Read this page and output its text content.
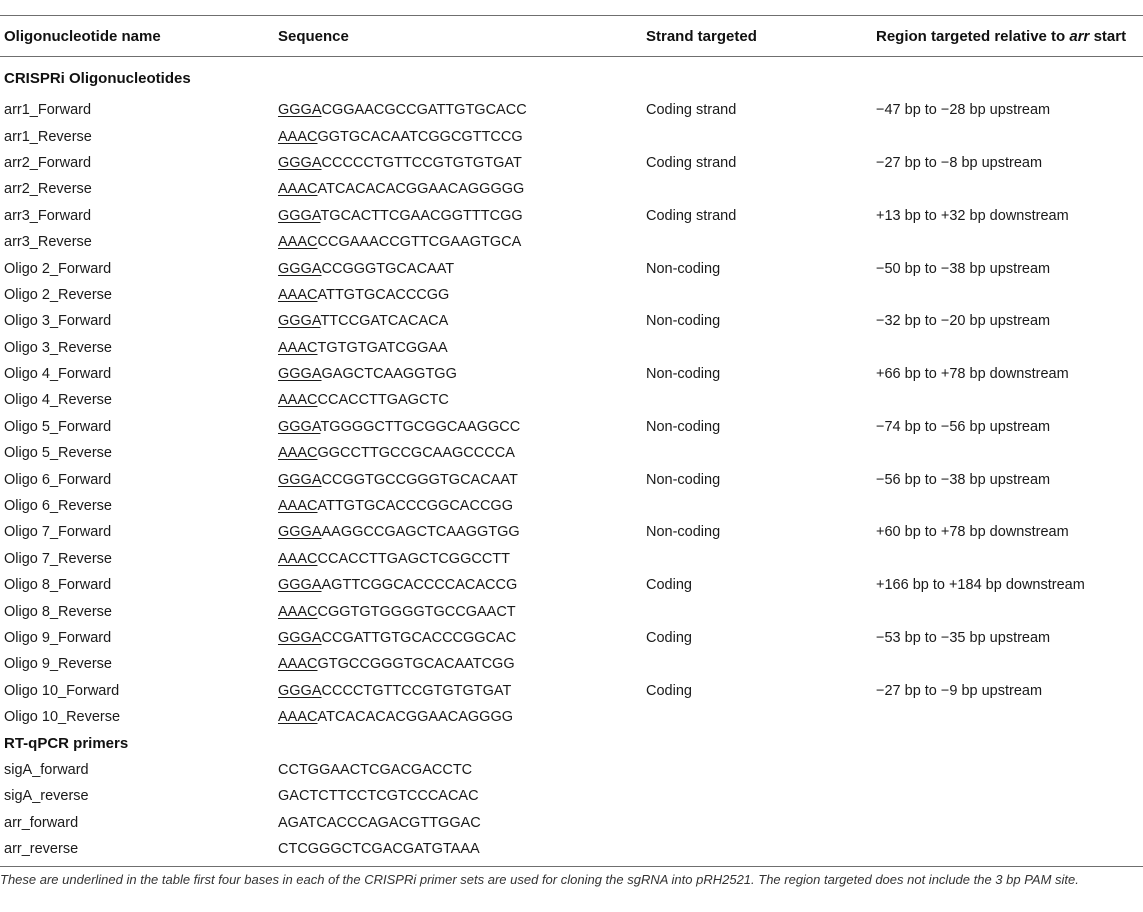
Oligonucleotide name	Sequence	Strand targeted	Region targeted relative to arr start
CRISPRi Oligonucleotides			
arr1_Forward	GGGACGGAACGCCGATTGTGCACC	Coding strand	−47 bp to −28 bp upstream
arr1_Reverse	AAACGGTGCACAATCGGCGTTCCG		
arr2_Forward	GGGACCCCCTGTTCCGTGTGTGAT	Coding strand	−27 bp to −8 bp upstream
arr2_Reverse	AAACATCACACACGGAACAGGGGG		
arr3_Forward	GGGATGCACTTCGAACGGTTTCGG	Coding strand	+13 bp to +32 bp downstream
arr3_Reverse	AAACCCGAAACCGTTCGAAGTGCA		
Oligo 2_Forward	GGGACCGGGTGCACAAT	Non-coding	−50 bp to −38 bp upstream
Oligo 2_Reverse	AAACATTGTGCACCCGG		
Oligo 3_Forward	GGGATTCCGATCACACA	Non-coding	−32 bp to −20 bp upstream
Oligo 3_Reverse	AAACTGTGTGATCGGAA		
Oligo 4_Forward	GGGAGAGCTCAAGGTGG	Non-coding	+66 bp to +78 bp downstream
Oligo 4_Reverse	AAACCCACCTTGAGCTC		
Oligo 5_Forward	GGGATGGGGCTTGCGGCAAGGCC	Non-coding	−74 bp to −56 bp upstream
Oligo 5_Reverse	AAACGGCCTTGCCGCAAGCCCCA		
Oligo 6_Forward	GGGACCGGTGCCGGGTGCACAAT	Non-coding	−56 bp to −38 bp upstream
Oligo 6_Reverse	AAACATTGTGCACCCGGCACCGG		
Oligo 7_Forward	GGGAAAGGCCGAGCTCAAGGTGG	Non-coding	+60 bp to +78 bp downstream
Oligo 7_Reverse	AAACCCACCTTGAGCTCGGCCTT		
Oligo 8_Forward	GGGAAGTTCGGCACCCCACACCG	Coding	+166 bp to +184 bp downstream
Oligo 8_Reverse	AAACCGGTGTGGGGTGCCGAACT		
Oligo 9_Forward	GGGACCGATTGTGCACCCGGCAC	Coding	−53 bp to −35 bp upstream
Oligo 9_Reverse	AAACGTGCCGGGTGCACAATCGG		
Oligo 10_Forward	GGGACCCCTGTTCCGTGTGTGAT	Coding	−27 bp to −9 bp upstream
Oligo 10_Reverse	AAACATCACACACGGAACAGGGG		
RT-qPCR primers			
sigA_forward	CCTGGAACTCGACGACCTC		
sigA_reverse	GACTCTTCCTCGTCCCACAC		
arr_forward	AGATCACCCAGACGTTGGAC		
arr_reverse	CTCGGGCTCGACGATGTAAA		

These are underlined in the table first four bases in each of the CRISPRi primer sets are used for cloning the sgRNA into pRH2521. The region targeted does not include the 3 bp PAM site.
